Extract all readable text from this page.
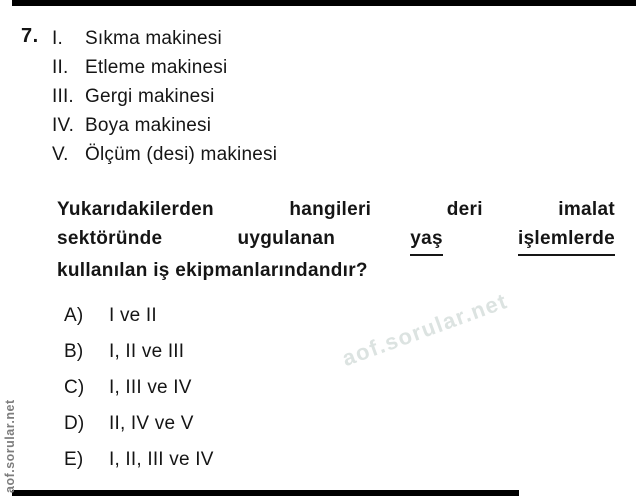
aof.sorular.net
aof.sorular.net
7. I.	Sıkma makinesi
II. Etleme makinesi
III. Gergi makinesi
IV. Boya makinesi
V. Ölçüm (desi) makinesi
Yukarıdakilerden	hangileri	deri	imalat
sektöründe	uygulanan	yaş	işlemlerde
kullanılan iş ekipmanlarındandır?
A)	I ve II
B)	I, II ve III
C)	I, III ve IV
D)	II, IV ve V
E)	I, II, III ve IV
